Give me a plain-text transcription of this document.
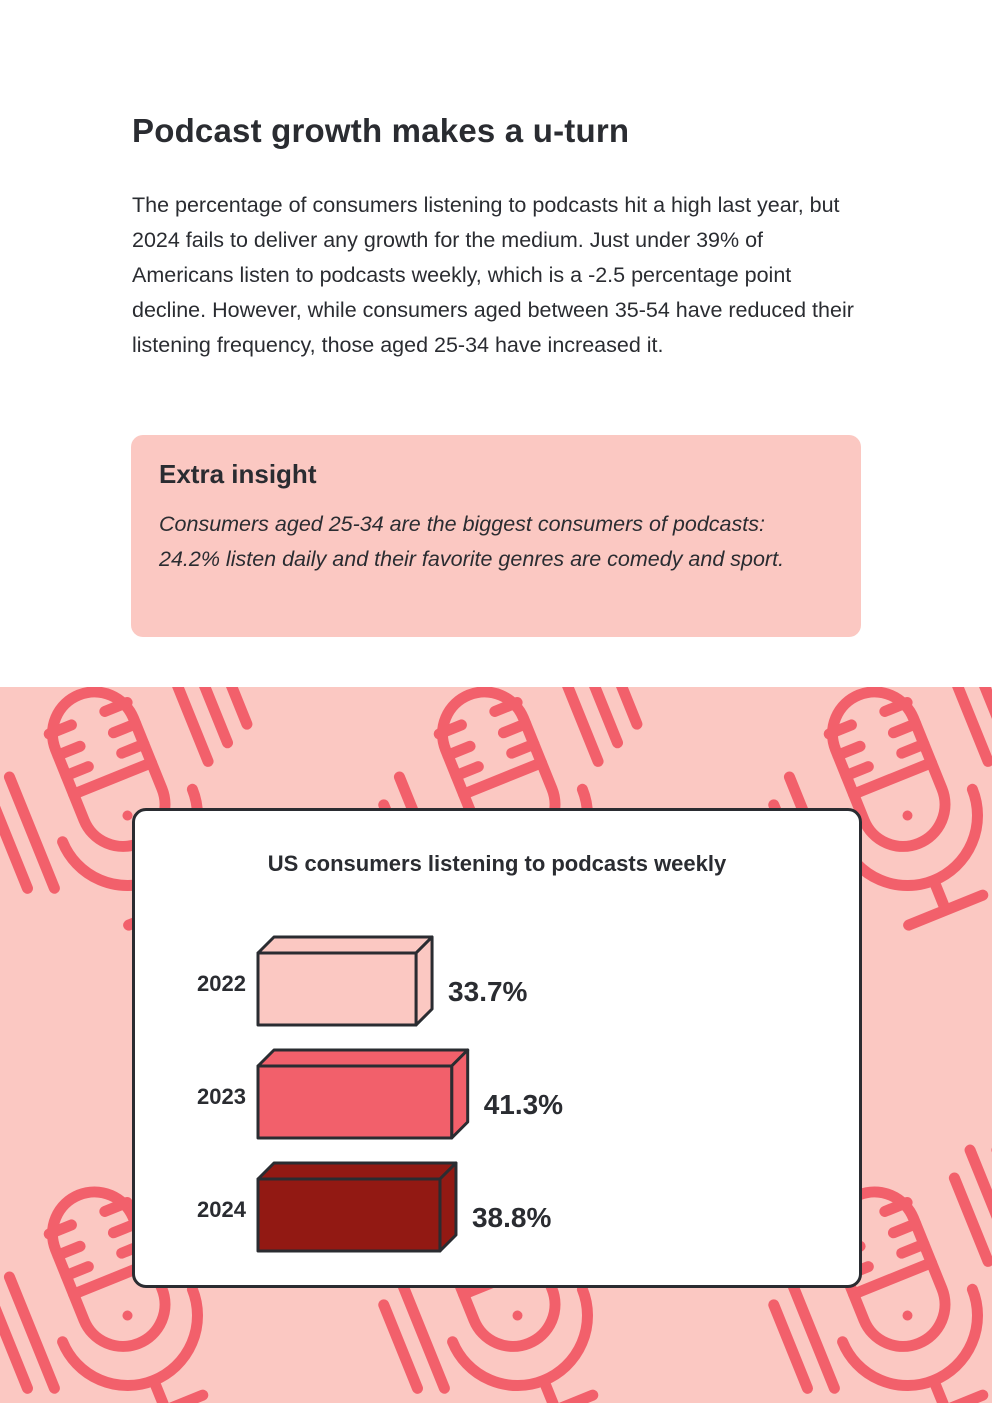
Podcast growth makes a u-turn

The percentage of consumers listening to podcasts hit a high last year, but 2024 fails to deliver any growth for the medium. Just under 39% of Americans listen to podcasts weekly, which is a -2.5 percentage point decline. However, while consumers aged between 35-54 have reduced their listening frequency, those aged 25-34 have increased it.

Extra insight

Consumers aged 25-34 are the biggest consumers of podcasts: 24.2% listen daily and their favorite genres are comedy and sport.

US consumers listening to podcasts weekly
2022	33.7%
2023	41.3%
2024	38.8%
